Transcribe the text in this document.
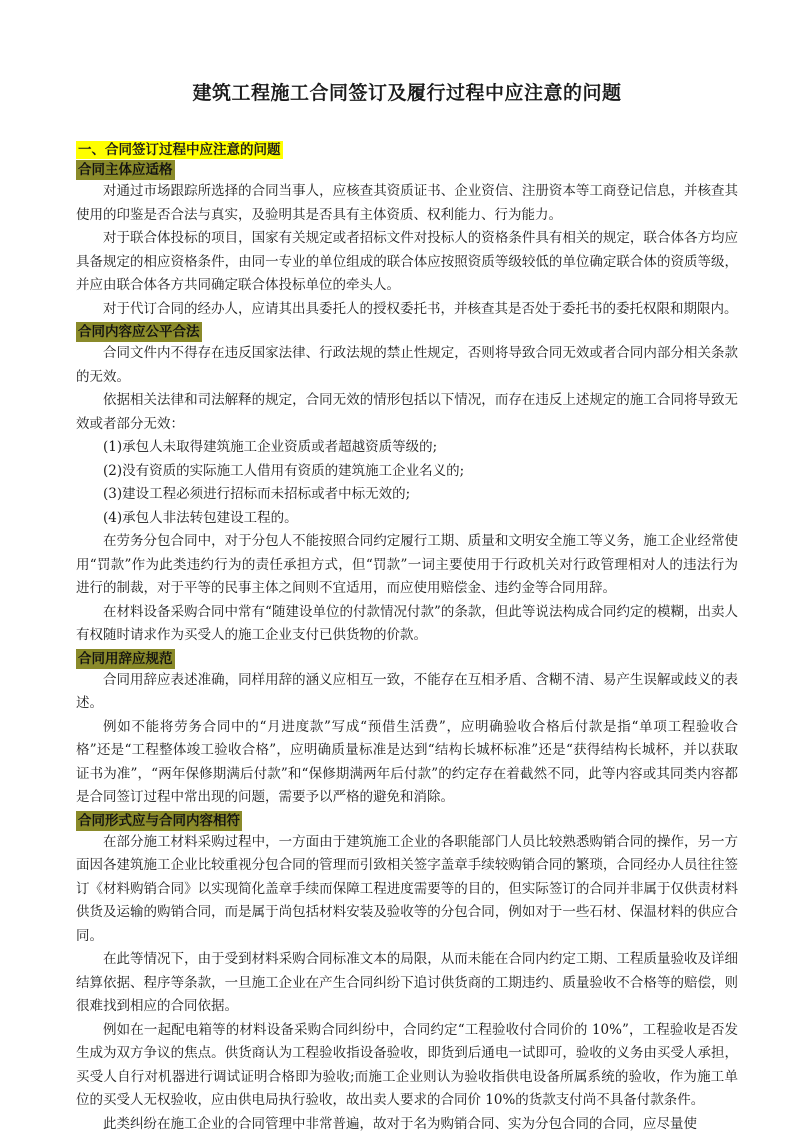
建筑工程施工合同签订及履行过程中应注意的问题
一、合同签订过程中应注意的问题
合同主体应适格

对通过市场跟踪所选择的合同当事人，应核查其资质证书、企业资信、注册资本等工商登记信息，并核查其使用的印鉴是否合法与真实，及验明其是否具有主体资质、权利能力、行为能力。

对于联合体投标的项目，国家有关规定或者招标文件对投标人的资格条件具有相关的规定，联合体各方均应具备规定的相应资格条件，由同一专业的单位组成的联合体应按照资质等级较低的单位确定联合体的资质等级，并应由联合体各方共同确定联合体投标单位的牵头人。

对于代订合同的经办人，应请其出具委托人的授权委托书，并核查其是否处于委托书的委托权限和期限内。

合同内容应公平合法

合同文件内不得存在违反国家法律、行政法规的禁止性规定，否则将导致合同无效或者合同内部分相关条款的无效。

依据相关法律和司法解释的规定，合同无效的情形包括以下情况，而存在违反上述规定的施工合同将导致无效或者部分无效：

(1)承包人未取得建筑施工企业资质或者超越资质等级的;

(2)没有资质的实际施工人借用有资质的建筑施工企业名义的;

(3)建设工程必须进行招标而未招标或者中标无效的;

(4)承包人非法转包建设工程的。

在劳务分包合同中，对于分包人不能按照合同约定履行工期、质量和文明安全施工等义务，施工企业经常使用“罚款”作为此类违约行为的责任承担方式，但“罚款”一词主要使用于行政机关对行政管理相对人的违法行为进行的制裁，对于平等的民事主体之间则不宜适用，而应使用赔偿金、违约金等合同用辞。

在材料设备采购合同中常有“随建设单位的付款情况付款”的条款，但此等说法构成合同约定的模糊，出卖人有权随时请求作为买受人的施工企业支付已供货物的价款。

合同用辞应规范

合同用辞应表述准确，同样用辞的涵义应相互一致，不能存在互相矛盾、含糊不清、易产生误解或歧义的表述。

例如不能将劳务合同中的“月进度款”写成“预借生活费”，应明确验收合格后付款是指“单项工程验收合格”还是“工程整体竣工验收合格”，应明确质量标准是达到“结构长城杯标准”还是“获得结构长城杯，并以获取证书为准”，“两年保修期满后付款”和“保修期满两年后付款”的约定存在着截然不同，此等内容或其同类内容都是合同签订过程中常出现的问题，需要予以严格的避免和消除。

合同形式应与合同内容相符

在部分施工材料采购过程中，一方面由于建筑施工企业的各职能部门人员比较熟悉购销合同的操作，另一方面因各建筑施工企业比较重视分包合同的管理而引致相关签字盖章手续较购销合同的繁琐，合同经办人员往往签订《材料购销合同》以实现简化盖章手续而保障工程进度需要等的目的，但实际签订的合同并非属于仅供责材料供货及运输的购销合同，而是属于尚包括材料安装及验收等的分包合同，例如对于一些石材、保温材料的供应合同。

在此等情况下，由于受到材料采购合同标准文本的局限，从而未能在合同内约定工期、工程质量验收及详细结算依据、程序等条款，一旦施工企业在产生合同纠纷下追讨供货商的工期违约、质量验收不合格等的赔偿，则很难找到相应的合同依据。

例如在一起配电箱等的材料设备采购合同纠纷中，合同约定“工程验收付合同价的 10%”，工程验收是否发生成为双方争议的焦点。供货商认为工程验收指设备验收，即货到后通电一试即可，验收的义务由买受人承担，买受人自行对机器进行调试证明合格即为验收;而施工企业则认为验收指供电设备所属系统的验收，作为施工单位的买受人无权验收，应由供电局执行验收，故出卖人要求的合同价 10%的货款支付尚不具备付款条件。

此类纠纷在施工企业的合同管理中非常普遍，故对于名为购销合同、实为分包合同的合同，应尽量使
